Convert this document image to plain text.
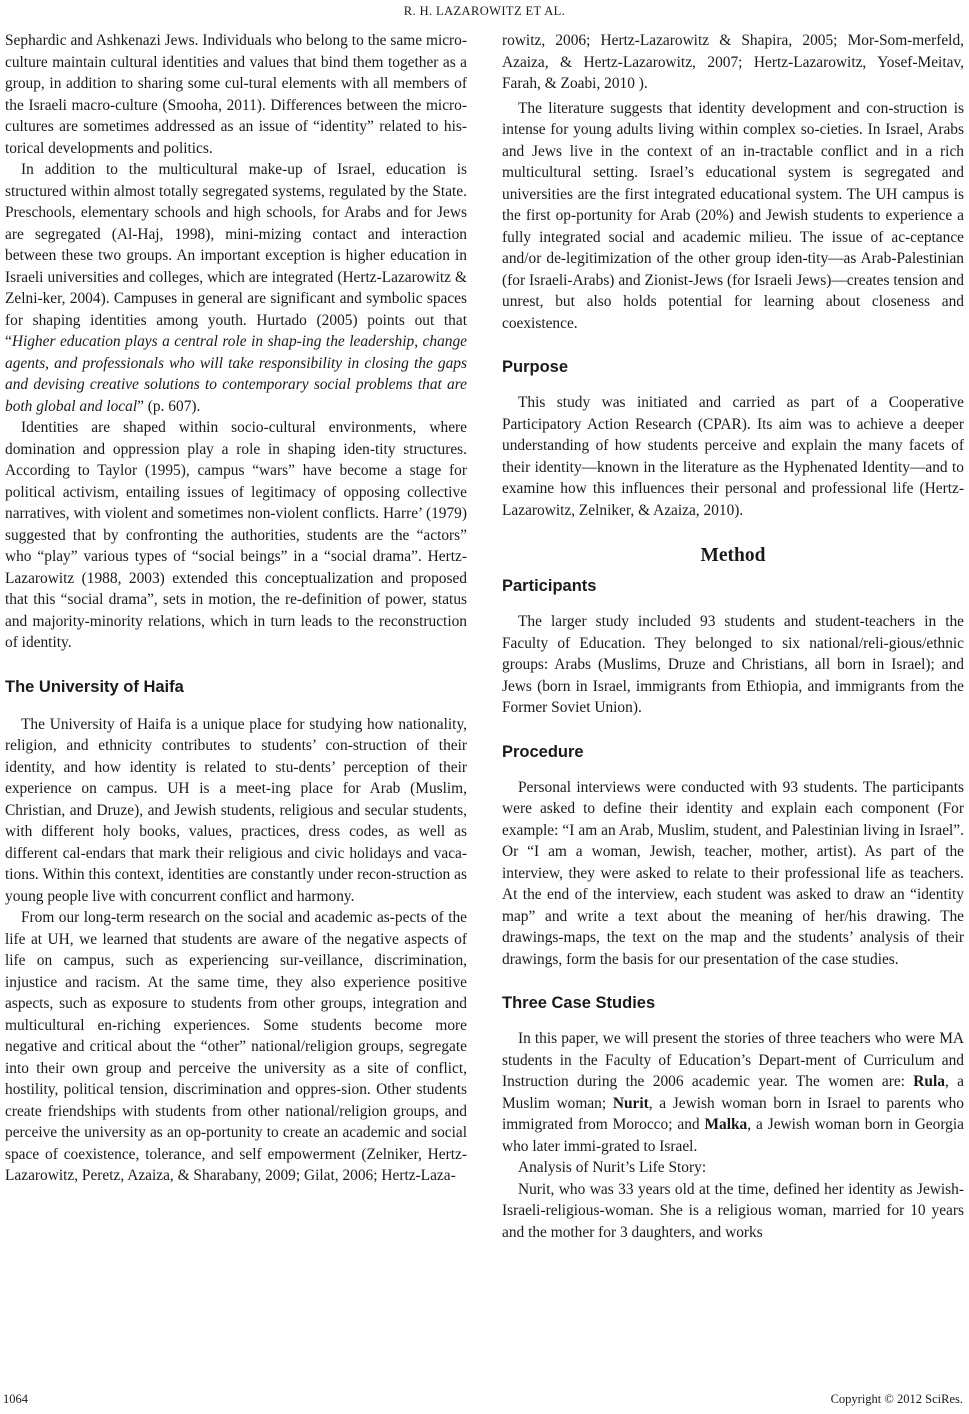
R. H. LAZAROWITZ ET AL.

Sephardic and Ashkenazi Jews. Individuals who belong to the same micro-culture maintain cultural identities and values that bind them together as a group, in addition to sharing some cul-tural elements with all members of the Israeli macro-culture (Smooha, 2011). Differences between the micro-cultures are sometimes addressed as an issue of “identity” related to his-torical developments and politics.

In addition to the multicultural make-up of Israel, education is structured within almost totally segregated systems, regulated by the State. Preschools, elementary schools and high schools, for Arabs and for Jews are segregated (Al-Haj, 1998), mini-mizing contact and interaction between these two groups. An important exception is higher education in Israeli universities and colleges, which are integrated (Hertz-Lazarowitz & Zelni-ker, 2004). Campuses in general are significant and symbolic spaces for shaping identities among youth. Hurtado (2005) points out that “Higher education plays a central role in shap-ing the leadership, change agents, and professionals who will take responsibility in closing the gaps and devising creative solutions to contemporary social problems that are both global and local” (p. 607).

Identities are shaped within socio-cultural environments, where domination and oppression play a role in shaping iden-tity structures. According to Taylor (1995), campus “wars” have become a stage for political activism, entailing issues of legitimacy of opposing collective narratives, with violent and sometimes non-violent conflicts. Harre’ (1979) suggested that by confronting the authorities, students are the “actors” who “play” various types of “social beings” in a “social drama”. Hertz-Lazarowitz (1988, 2003) extended this conceptualization and proposed that this “social drama”, sets in motion, the re-definition of power, status and majority-minority relations, which in turn leads to the reconstruction of identity.

The University of Haifa

The University of Haifa is a unique place for studying how nationality, religion, and ethnicity contributes to students’ con-struction of their identity, and how identity is related to stu-dents’ perception of their experience on campus. UH is a meet-ing place for Arab (Muslim, Christian, and Druze), and Jewish students, religious and secular students, with different holy books, values, practices, dress codes, as well as different cal-endars that mark their religious and civic holidays and vaca-tions. Within this context, identities are constantly under recon-struction as young people live with concurrent conflict and harmony.

From our long-term research on the social and academic as-pects of the life at UH, we learned that students are aware of the negative aspects of life on campus, such as experiencing sur-veillance, discrimination, injustice and racism. At the same time, they also experience positive aspects, such as exposure to students from other groups, integration and multicultural en-riching experiences. Some students become more negative and critical about the “other” national/religion groups, segregate into their own group and perceive the university as a site of conflict, hostility, political tension, discrimination and oppres-sion. Other students create friendships with students from other national/religion groups, and perceive the university as an op-portunity to create an academic and social space of coexistence, tolerance, and self empowerment (Zelniker, Hertz-Lazarowitz, Peretz, Azaiza, & Sharabany, 2009; Gilat, 2006; Hertz-Laza-

rowitz, 2006; Hertz-Lazarowitz & Shapira, 2005; Mor-Som-merfeld, Azaiza, & Hertz-Lazarowitz, 2007; Hertz-Lazarowitz, Yosef-Meitav, Farah, & Zoabi, 2010 ).

The literature suggests that identity development and con-struction is intense for young adults living within complex so-cieties. In Israel, Arabs and Jews live in the context of an in-tractable conflict and in a rich multicultural setting. Israel’s educational system is segregated and universities are the first integrated educational system. The UH campus is the first op-portunity for Arab (20%) and Jewish students to experience a fully integrated social and academic milieu. The issue of ac-ceptance and/or de-legitimization of the other group iden-tity—as Arab-Palestinian (for Israeli-Arabs) and Zionist-Jews (for Israeli Jews)—creates tension and unrest, but also holds potential for learning about closeness and coexistence.

Purpose

This study was initiated and carried as part of a Cooperative Participatory Action Research (CPAR). Its aim was to achieve a deeper understanding of how students perceive and explain the many facets of their identity—known in the literature as the Hyphenated Identity—and to examine how this influences their personal and professional life (Hertz-Lazarowitz, Zelniker, & Azaiza, 2010).

Method
Participants

The larger study included 93 students and student-teachers in the Faculty of Education. They belonged to six national/reli-gious/ethnic groups: Arabs (Muslims, Druze and Christians, all born in Israel); and Jews (born in Israel, immigrants from Ethiopia, and immigrants from the Former Soviet Union).

Procedure

Personal interviews were conducted with 93 students. The participants were asked to define their identity and explain each component (For example: “I am an Arab, Muslim, student, and Palestinian living in Israel”. Or “I am a woman, Jewish, teacher, mother, artist). As part of the interview, they were asked to relate to their professional life as teachers. At the end of the interview, each student was asked to draw an “identity map” and write a text about the meaning of her/his drawing. The drawings-maps, the text on the map and the students’ analysis of their drawings, form the basis for our presentation of the case studies.

Three Case Studies

In this paper, we will present the stories of three teachers who were MA students in the Faculty of Education’s Depart-ment of Curriculum and Instruction during the 2006 academic year. The women are: Rula, a Muslim woman; Nurit, a Jewish woman born in Israel to parents who immigrated from Morocco; and Malka, a Jewish woman born in Georgia who later immi-grated to Israel.

Analysis of Nurit’s Life Story:

Nurit, who was 33 years old at the time, defined her identity as Jewish-Israeli-religious-woman. She is a religious woman, married for 10 years and the mother for 3 daughters, and works

1064	Copyright © 2012 SciRes.
